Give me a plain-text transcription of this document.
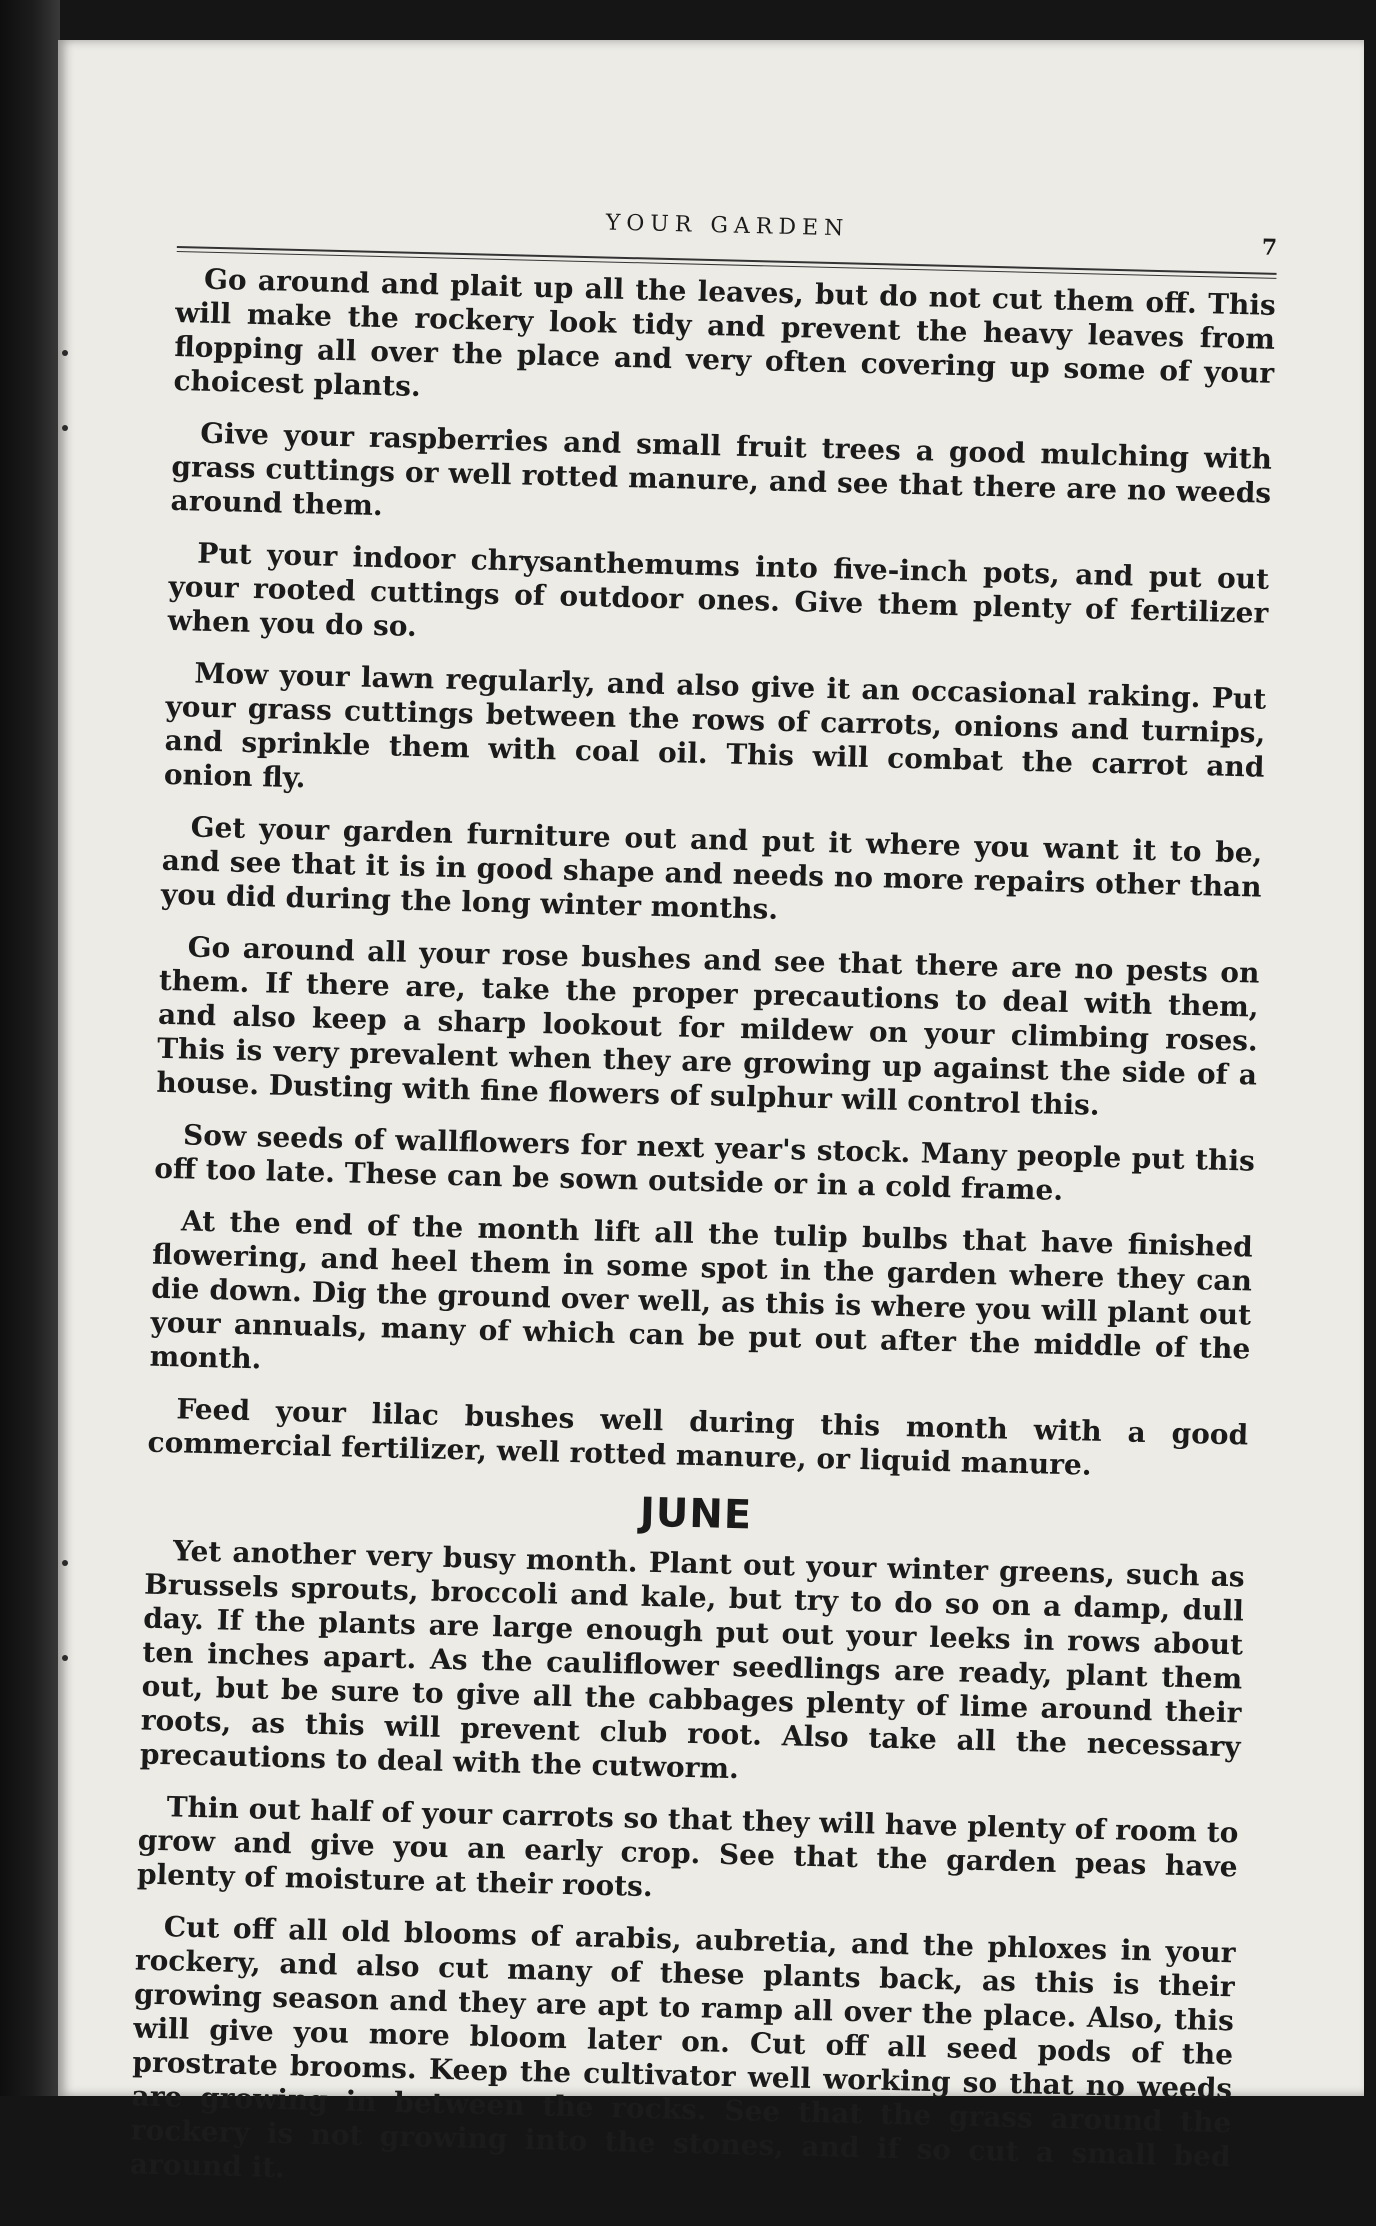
YOUR GARDEN
7

Go around and plait up all the leaves, but do not cut them off. This will make the rockery look tidy and prevent the heavy leaves from flopping all over the place and very often covering up some of your choicest plants.

Give your raspberries and small fruit trees a good mulching with grass cuttings or well rotted manure, and see that there are no weeds around them.

Put your indoor chrysanthemums into five-inch pots, and put out your rooted cuttings of outdoor ones. Give them plenty of fertilizer when you do so.

Mow your lawn regularly, and also give it an occasional raking. Put your grass cuttings between the rows of carrots, onions and turnips, and sprinkle them with coal oil. This will combat the carrot and onion fly.

Get your garden furniture out and put it where you want it to be, and see that it is in good shape and needs no more repairs other than you did during the long winter months.

Go around all your rose bushes and see that there are no pests on them. If there are, take the proper precautions to deal with them, and also keep a sharp lookout for mildew on your climbing roses. This is very prevalent when they are growing up against the side of a house. Dusting with fine flowers of sulphur will control this.

Sow seeds of wallflowers for next year's stock. Many people put this off too late. These can be sown outside or in a cold frame.

At the end of the month lift all the tulip bulbs that have finished flowering, and heel them in some spot in the garden where they can die down. Dig the ground over well, as this is where you will plant out your annuals, many of which can be put out after the middle of the month.

Feed your lilac bushes well during this month with a good commercial fertilizer, well rotted manure, or liquid manure.

JUNE

Yet another very busy month. Plant out your winter greens, such as Brussels sprouts, broccoli and kale, but try to do so on a damp, dull day. If the plants are large enough put out your leeks in rows about ten inches apart. As the cauliflower seedlings are ready, plant them out, but be sure to give all the cabbages plenty of lime around their roots, as this will prevent club root. Also take all the necessary precautions to deal with the cutworm.

Thin out half of your carrots so that they will have plenty of room to grow and give you an early crop. See that the garden peas have plenty of moisture at their roots.

Cut off all old blooms of arabis, aubretia, and the phloxes in your rockery, and also cut many of these plants back, as this is their growing season and they are apt to ramp all over the place. Also, this will give you more bloom later on. Cut off all seed pods of the prostrate brooms. Keep the cultivator well working so that no weeds are growing in between the rocks. See that the grass around the rockery is not growing into the stones, and if so cut a small bed around it.
